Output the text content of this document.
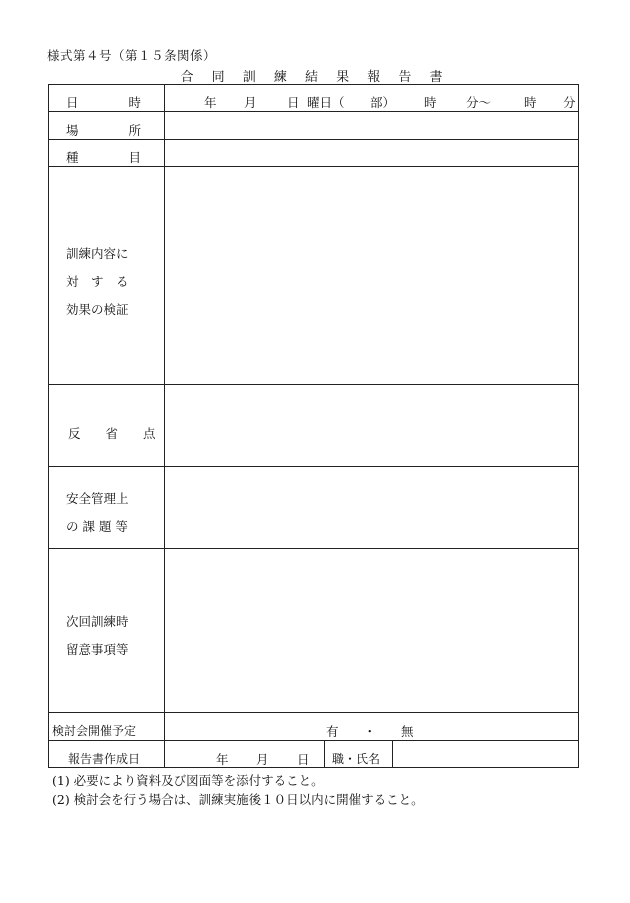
様式第４号（第１５条関係）
合 同 訓 練 結 果 報 告 書
日　　　　時	年 月 日 曜日（ 部） 時 分～	時 分
場　　　　所
種　　　　目
訓練内容に
対　す　る
効果の検証
反　　省　　点
安全管理上
の 課 題 等
次回訓練時
留意事項等
検討会開催予定	有　　・　　無
報告書作成日	年 月 日 職・氏名
(1) 必要により資料及び図面等を添付すること。
(2) 検討会を行う場合は、訓練実施後１０日以内に開催すること。
